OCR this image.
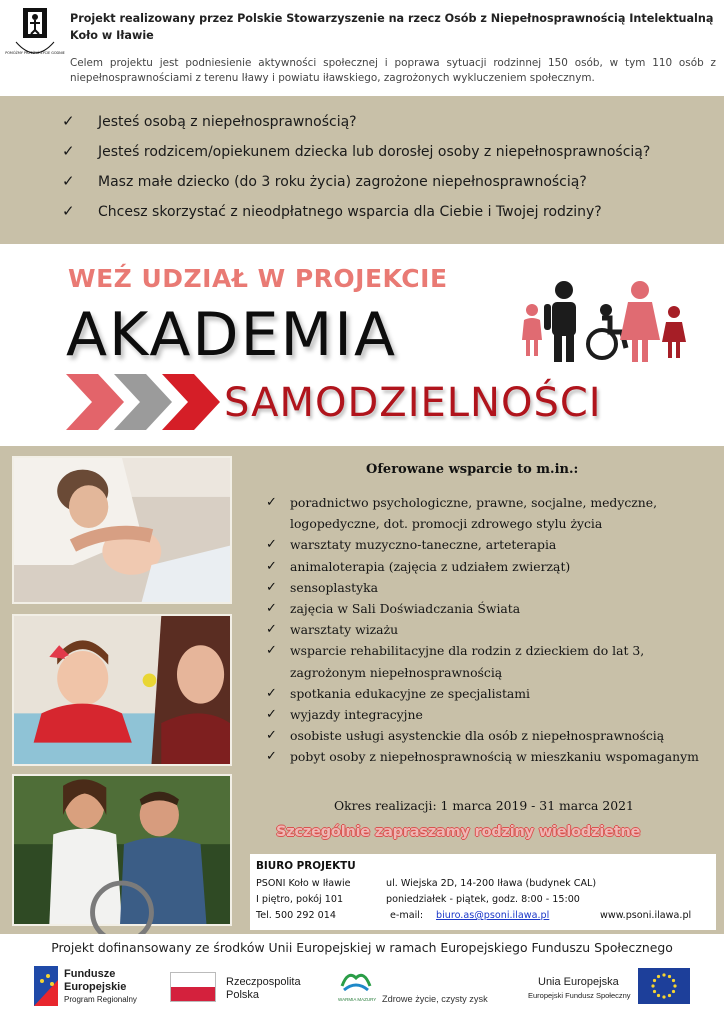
POMÓŻMY PRZEŻYĆ ŻYCIE GODNIE
Projekt realizowany przez Polskie Stowarzyszenie na rzecz Osób z Niepełnosprawnością Intelektualną
Koło w Iławie
Celem projektu jest podniesienie aktywności społecznej i poprawa sytuacji rodzinnej 150 osób, w tym 110 osób z niepełnosprawnościami z terenu Iławy i powiatu iławskiego, zagrożonych wykluczeniem społecznym.
✓ Jesteś osobą z niepełnosprawnością?
✓ Jesteś rodzicem/opiekunem dziecka lub dorosłej osoby z niepełnosprawnością?
✓ Masz małe dziecko (do 3 roku życia) zagrożone niepełnosprawnością?
✓ Chcesz skorzystać z nieodpłatnego wsparcia dla Ciebie i Twojej rodziny?
WEŹ UDZIAŁ W PROJEKCIE
AKADEMIA
SAMODZIELNOŚCI
Oferowane wsparcie to m.in.:
✓ poradnictwo psychologiczne, prawne, socjalne, medyczne, logopedyczne, dot. promocji zdrowego stylu życia
✓ warsztaty muzyczno-taneczne, arteterapia
✓ animaloterapia (zajęcia z udziałem zwierząt)
✓ sensoplastyka
✓ zajęcia w Sali Doświadczania Świata
✓ warsztaty wizażu
✓ wsparcie rehabilitacyjne dla rodzin z dzieckiem do lat 3, zagrożonym niepełnosprawnością
✓ spotkania edukacyjne ze specjalistami
✓ wyjazdy integracyjne
✓ osobiste usługi asystenckie dla osób z niepełnosprawnością
✓ pobyt osoby z niepełnosprawnością w mieszkaniu wspomaganym
Okres realizacji: 1 marca 2019 - 31 marca 2021
Szczególnie zapraszamy rodziny wielodzietne
BIURO PROJEKTU
PSONI Koło w Iławie
I piętro, pokój 101
Tel. 500 292 014
ul. Wiejska 2D, 14-200 Iława (budynek CAL)
poniedziałek - piątek, godz. 8:00 - 15:00
e-mail: biuro.as@psoni.ilawa.pl	www.psoni.ilawa.pl
Projekt dofinansowany ze środków Unii Europejskiej w ramach Europejskiego Funduszu Społecznego
Fundusze
Europejskie
Program Regionalny
Rzeczpospolita
Polska	WARMIA MAZURY Zdrowe życie, czysty zysk
Unia Europejska
Europejski Fundusz Społeczny
